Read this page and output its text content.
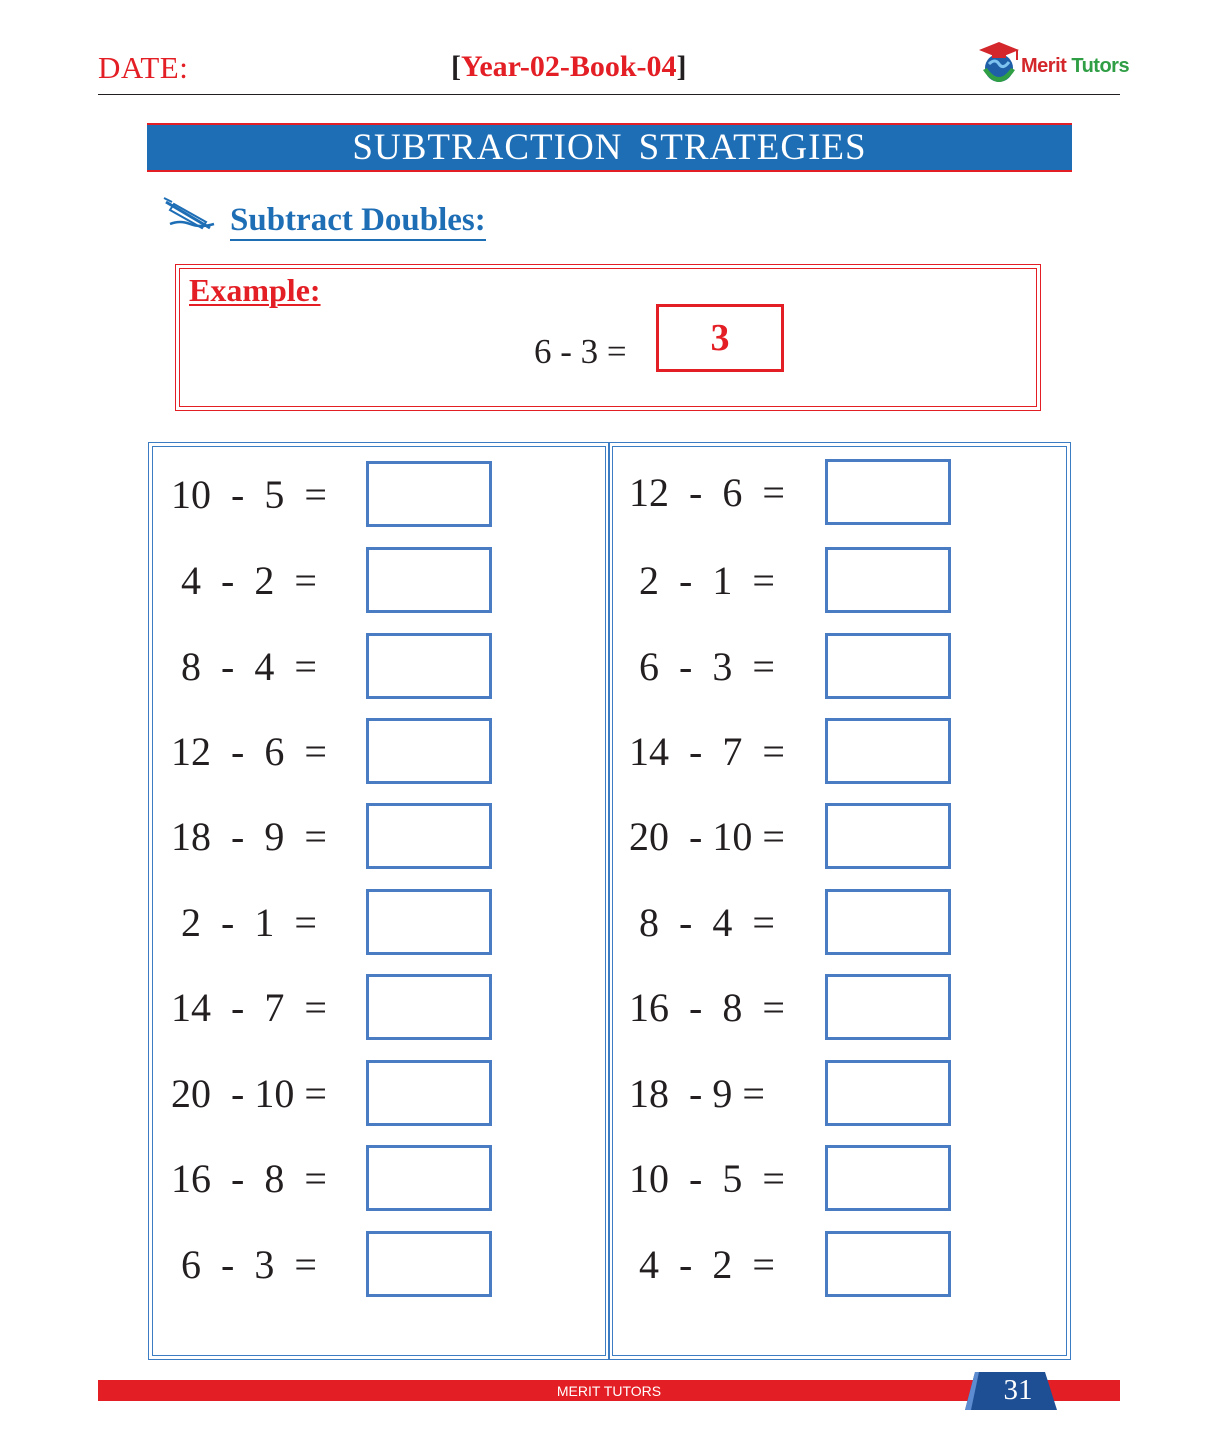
DATE:	[Year-02-Book-04]	Merit Tutors
SUBTRACTION STRATEGIES
Subtract Doubles:
Example:
6 - 3 = 3
10  -  5  =
4  -  2  =
8  -  4  =
12  -  6  =
18  -  9  =
2  -  1  =
14  -  7  =
20  - 10 =
16  -  8  =
6  -  3  =
12  -  6  =
2  -  1  =
6  -  3  =
14  -  7  =
20  - 10 =
8  -  4  =
16  -  8  =
18  - 9 =
10  -  5  =
4  -  2  =
MERIT TUTORS	31
